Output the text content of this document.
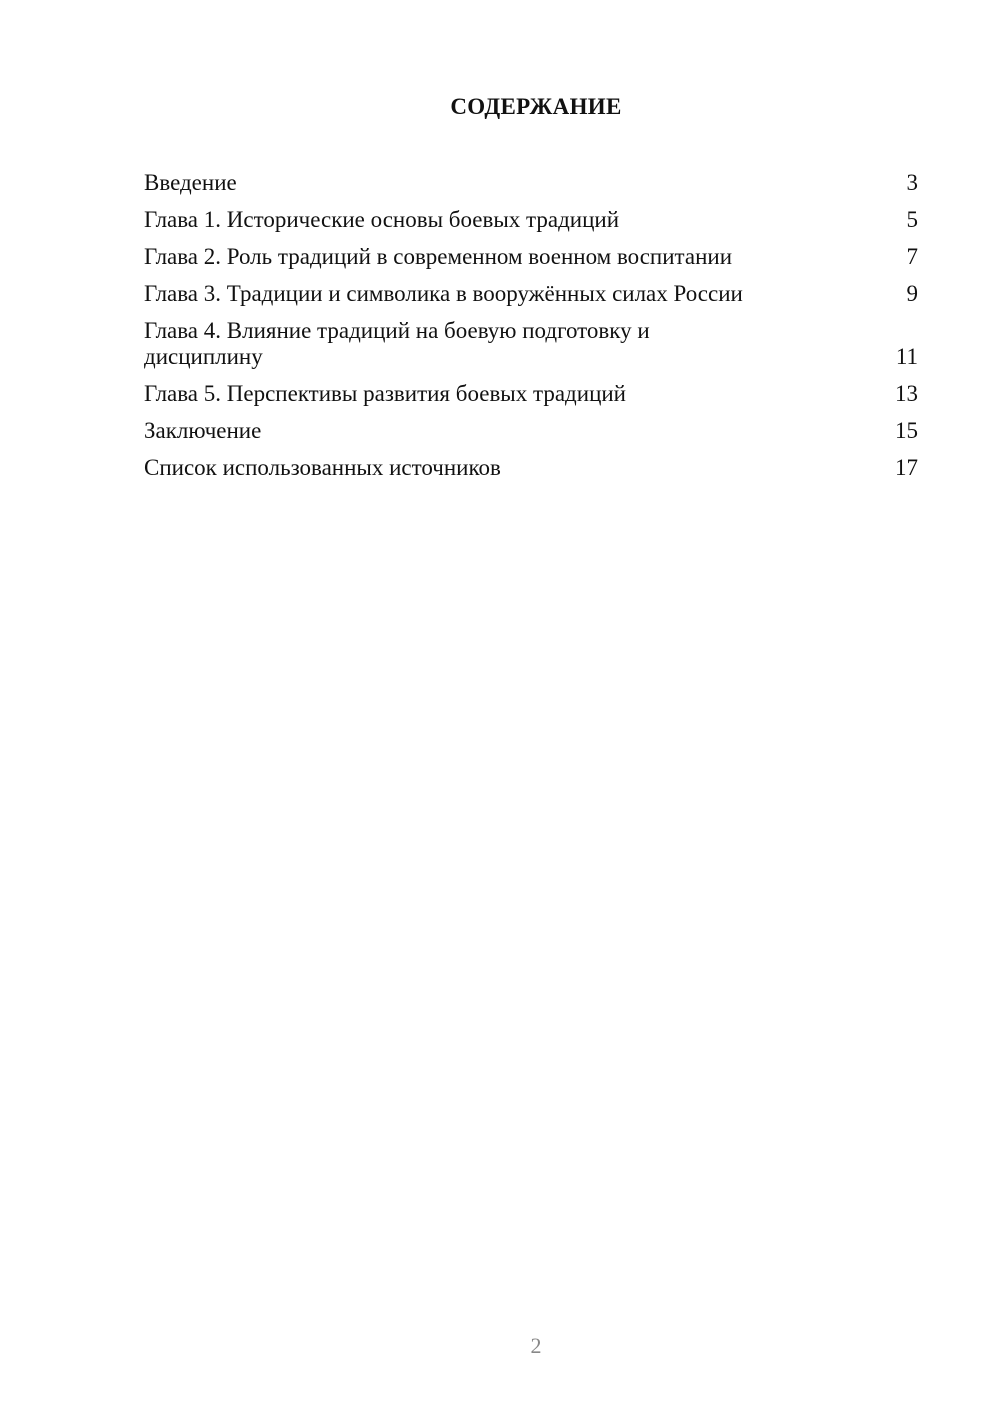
СОДЕРЖАНИЕ
Введение	3
Глава 1. Исторические основы боевых традиций	5
Глава 2. Роль традиций в современном военном воспитании	7
Глава 3. Традиции и символика в вооружённых силах России	9
Глава 4. Влияние традиций на боевую подготовку и дисциплину	11
Глава 5. Перспективы развития боевых традиций	13
Заключение	15
Список использованных источников	17
2
